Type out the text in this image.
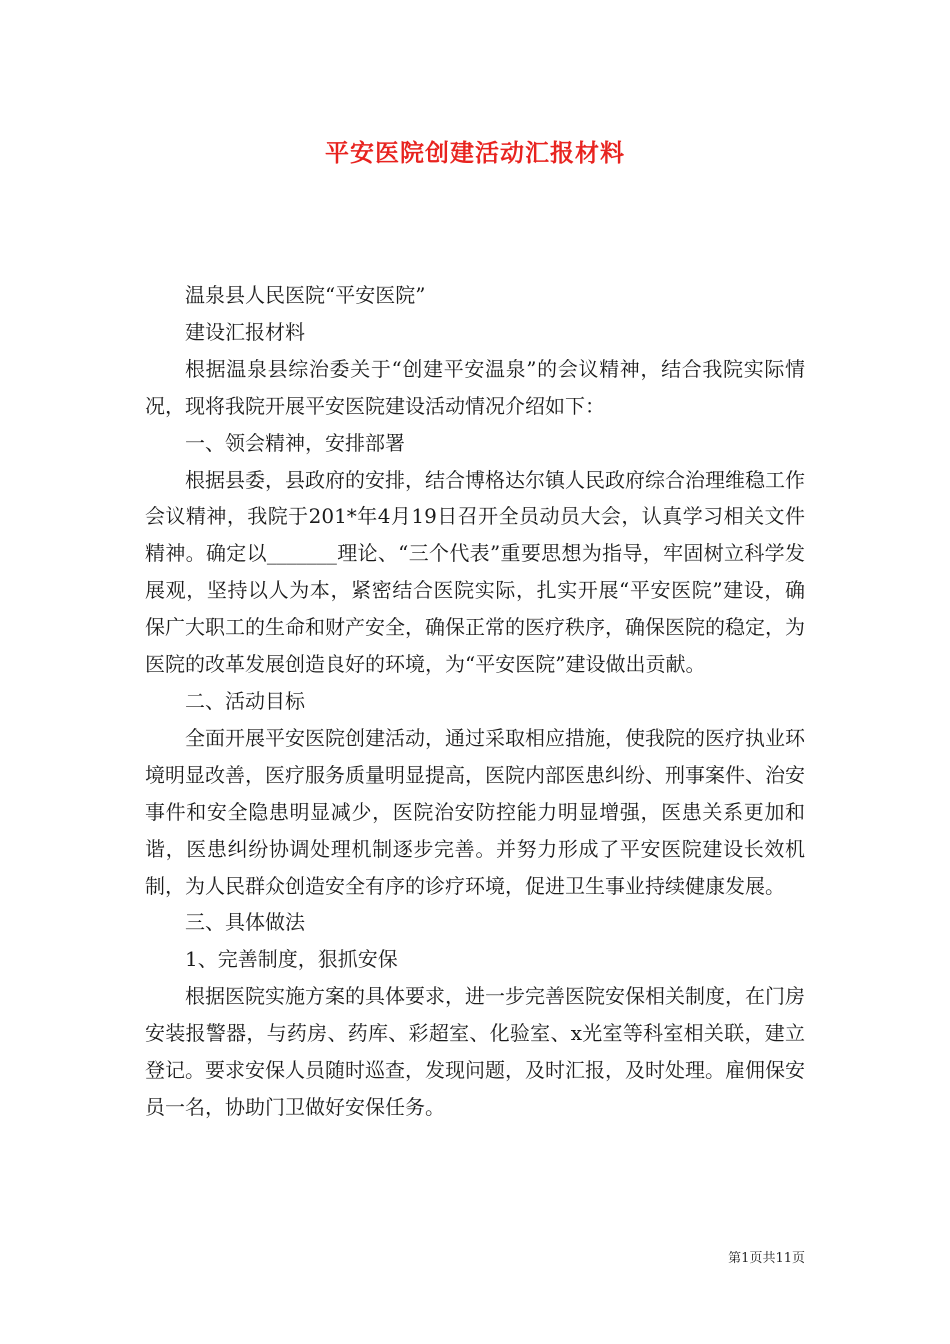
平安医院创建活动汇报材料

温泉县人民医院“平安医院”

建设汇报材料

根据温泉县综治委关于“创建平安温泉”的会议精神，结合我院实际情况，现将我院开展平安医院建设活动情况介绍如下：

一、领会精神，安排部署

根据县委，县政府的安排，结合博格达尔镇人民政府综合治理维稳工作会议精神，我院于201*年4月19日召开全员动员大会，认真学习相关文件精神。确定以_______理论、“三个代表”重要思想为指导，牢固树立科学发展观，坚持以人为本，紧密结合医院实际，扎实开展“平安医院”建设，确保广大职工的生命和财产安全，确保正常的医疗秩序，确保医院的稳定，为医院的改革发展创造良好的环境，为“平安医院”建设做出贡献。

二、活动目标

全面开展平安医院创建活动，通过采取相应措施，使我院的医疗执业环境明显改善，医疗服务质量明显提高，医院内部医患纠纷、刑事案件、治安事件和安全隐患明显减少，医院治安防控能力明显增强，医患关系更加和谐，医患纠纷协调处理机制逐步完善。并努力形成了平安医院建设长效机制，为人民群众创造安全有序的诊疗环境，促进卫生事业持续健康发展。

三、具体做法

1、完善制度，狠抓安保

根据医院实施方案的具体要求，进一步完善医院安保相关制度，在门房安装报警器，与药房、药库、彩超室、化验室、x光室等科室相关联，建立登记。要求安保人员随时巡查，发现问题，及时汇报，及时处理。雇佣保安员一名，协助门卫做好安保任务。

第1页共11页
